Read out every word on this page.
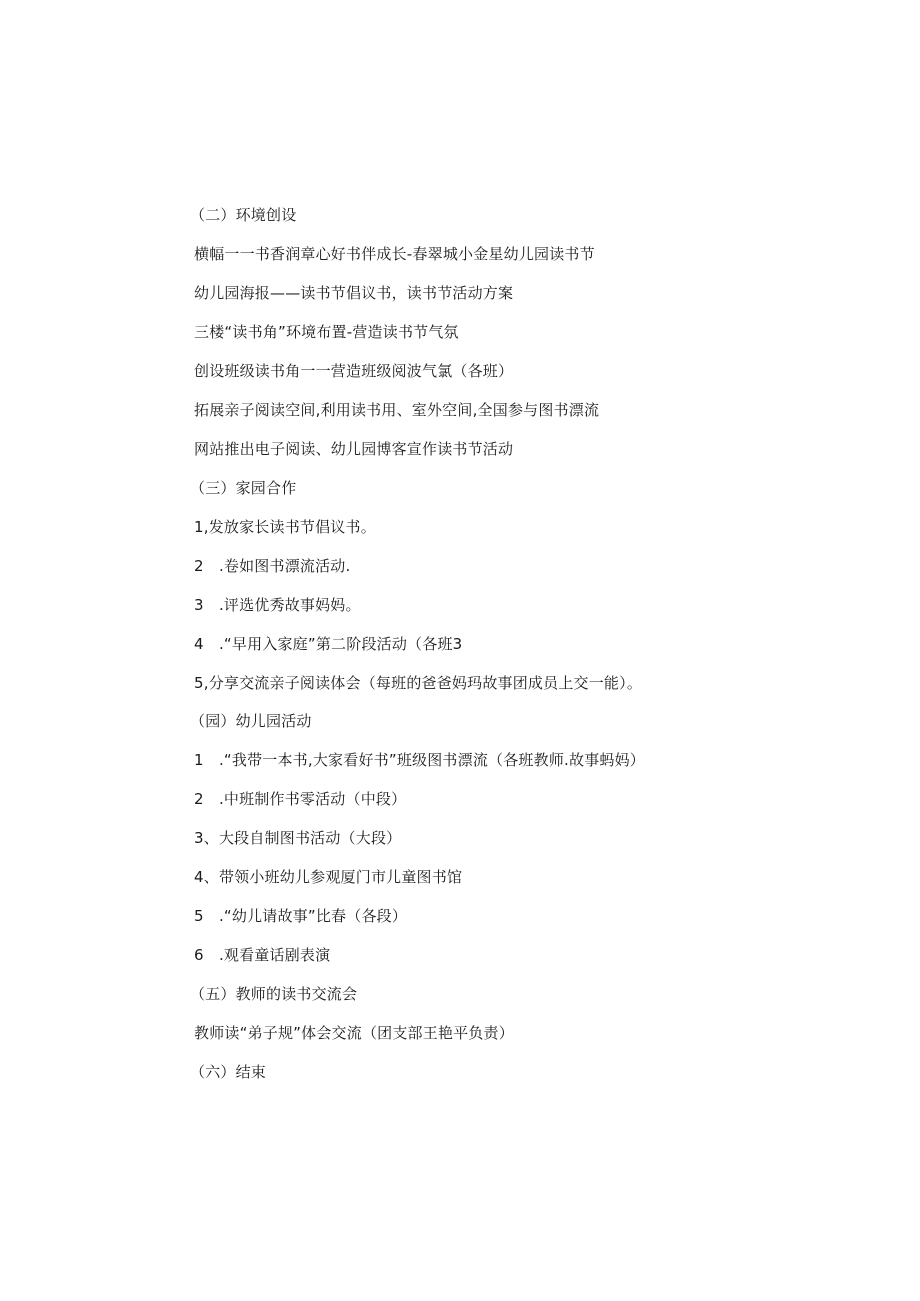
（二）环境创设
横幅一一书香润章心好书伴成长-春翠城小金星幼儿园读书节
幼儿园海报——读书节倡议书，读书节活动方案
三楼“读书角”环境布置-营造读书节气氛
创设班级读书角一一营造班级阅波气氯（各班）
拓展亲子阅读空间,利用读书用、室外空间,全国参与图书漂流
网站推出电子阅读、幼儿园博客宣作读书节活动
（三）家园合作
1,发放家长读书节倡议书。
2　.卷如图书漂流活动.
3　.评选优秀故事妈妈。
4　.“早用入家庭”第二阶段活动（各班3
5,分享交流亲子阅读体会（每班的爸爸妈玛故事团成员上交一能）。
（园）幼儿园活动
1　.“我带一本书,大家看好书”班级图书漂流（各班教师.故事蚂妈）
2　.中班制作书零活动（中段）
3、大段自制图书活动（大段）
4、带领小班幼儿参观厦门市儿童图书馆
5　.“幼儿请故事”比春（各段）
6　.观看童话剧表演
（五）教师的读书交流会
教师读“弟子规”体会交流（团支部王艳平负责）
（六）结束
